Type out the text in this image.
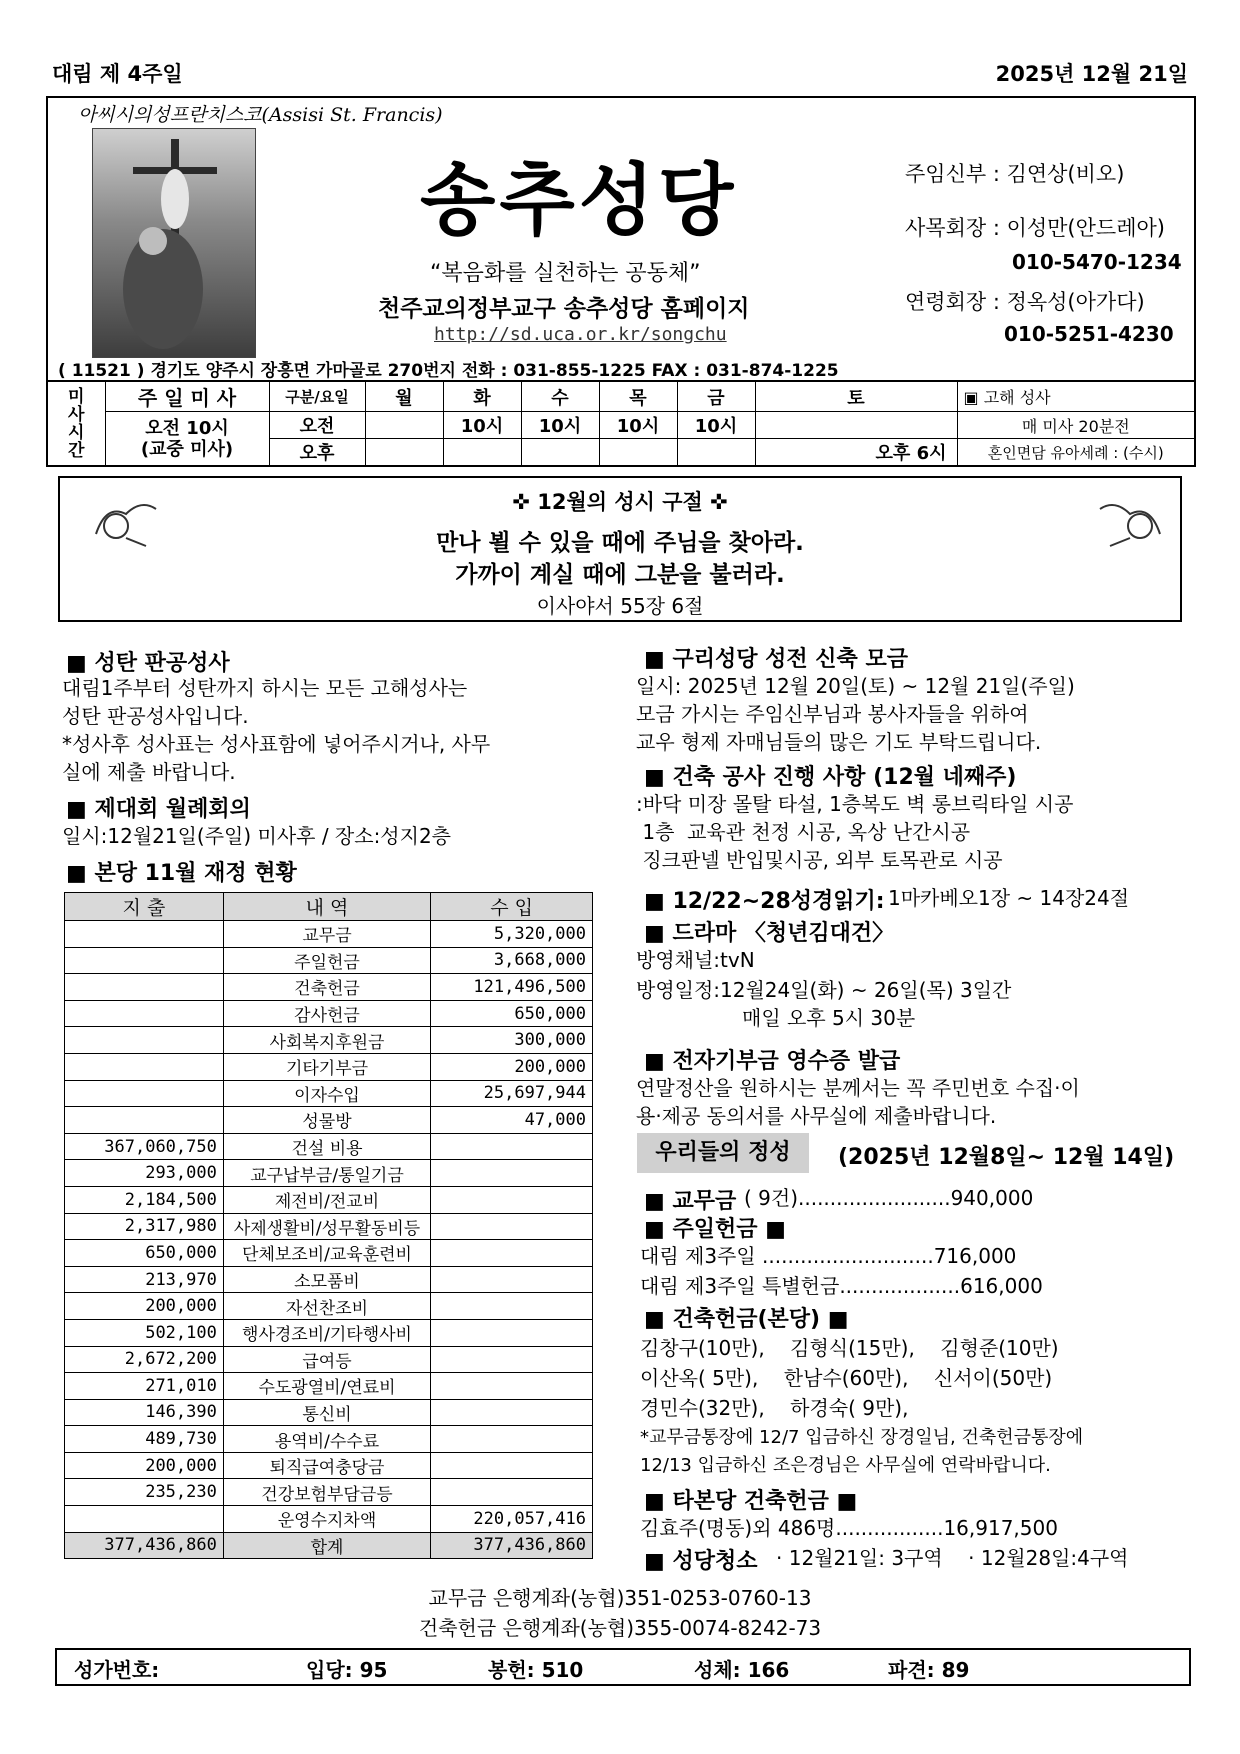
대림 제 4주일	2025년 12월 21일
아씨시의성프란치스코(Assisi St. Francis)
송추성당
“복음화를 실천하는 공동체”
천주교의정부교구 송추성당 홈페이지
http://sd.uca.or.kr/songchu
주임신부 : 김연상(비오)
사목회장 : 이성만(안드레아)
010-5470-1234
연령회장 : 정옥성(아가다)
010-5251-4230
( 11521 ) 경기도 양주시 장흥면 가마골로 270번지 전화 : 031-855-1225 FAX : 031-874-1225
미
사
시
간	주 일 미 사	구분/요일	월	화	수	목	금	토	▣ 고해 성사

	오전 10시
(교중 미사)	오전		10시	10시	10시	10시		매 미사 20분전
		오후						오후 6시	혼인면담 유아세례 : (수시)
✜ 12월의 성시 구절 ✜
만나 뵐 수 있을 때에 주님을 찾아라.
가까이 계실 때에 그분을 불러라.
이사야서 55장 6절
■ 성탄 판공성사
대림1주부터 성탄까지 하시는 모든 고해성사는
성탄 판공성사입니다.
*성사후 성사표는 성사표함에 넣어주시거나, 사무
실에 제출 바랍니다.
■ 제대회 월례회의
일시:12월21일(주일) 미사후 / 장소:성지2층
■ 본당 11월 재정 현황
지 출	내 역	수 입
	교무금	5,320,000
	주일헌금	3,668,000
	건축헌금	121,496,500
	감사헌금	650,000
	사회복지후원금	300,000
	기타기부금	200,000
	이자수입	25,697,944
	성물방	47,000
367,060,750	건설 비용	
293,000	교구납부금/통일기금	
2,184,500	제전비/전교비	
2,317,980	사제생활비/성무활동비등	
650,000	단체보조비/교육훈련비	
213,970	소모품비	
200,000	자선찬조비	
502,100	행사경조비/기타행사비	
2,672,200	급여등	
271,010	수도광열비/연료비	
146,390	통신비	
489,730	용역비/수수료	
200,000	퇴직급여충당금	
235,230	건강보험부담금등	
	운영수지차액	220,057,416
377,436,860	합계	377,436,860
■ 구리성당 성전 신축 모금
일시: 2025년 12월 20일(토) ~ 12월 21일(주일)
모금 가시는 주임신부님과 봉사자들을 위하여
교우 형제 자매님들의 많은 기도 부탁드립니다.
■ 건축 공사 진행 사항 (12월 네째주)
:바닥 미장 몰탈 타설, 1층복도 벽 롱브릭타일 시공
1층  교육관 천정 시공, 옥상 난간시공
징크판넬 반입및시공, 외부 토목관로 시공
■ 12/22~28성경읽기: 1마카베오1장 ~ 14장24절
■ 드라마 〈청년김대건〉
방영채널:tvN
방영일정:12월24일(화) ~ 26일(목) 3일간
매일 오후 5시 30분
■ 전자기부금 영수증 발급
연말정산을 원하시는 분께서는 꼭 주민번호 수집·이
용·제공 동의서를 사무실에 제출바랍니다.
우리들의 정성	(2025년 12월8일~ 12월 14일)
■ 교무금 ( 9건)........................940,000
■ 주일헌금 ■
대림 제3주일 ...........................716,000
대림 제3주일 특별헌금...................616,000
■ 건축헌금(본당) ■
김창구(10만),    김형식(15만),    김형준(10만)
이산옥( 5만),    한남수(60만),    신서이(50만)
경민수(32만),    하경숙( 9만),
*교무금통장에 12/7 입금하신 장경일님, 건축헌금통장에
12/13 입금하신 조은경님은 사무실에 연락바랍니다.
■ 타본당 건축헌금 ■
김효주(명동)외 486명.................16,917,500
■ 성당청소 · 12월21일: 3구역    · 12월28일:4구역
교무금 은행계좌(농협)351-0253-0760-13
건축헌금 은행계좌(농협)355-0074-8242-73
성가번호:	입당: 95	봉헌: 510	성체: 166	파견: 89
